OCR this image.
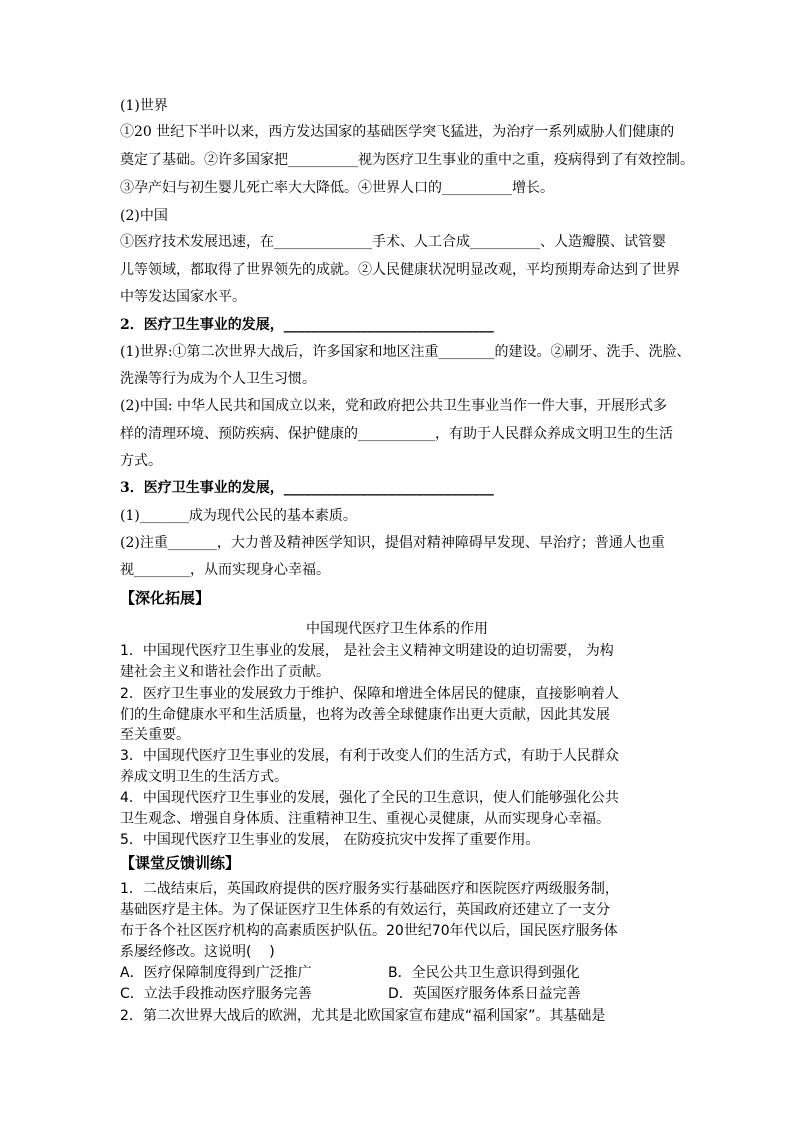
(1)世界
①20 世纪下半叶以来，西方发达国家的基础医学突飞猛进，为治疗一系列威胁人们健康的
奠定了基础。②许多国家把__________视为医疗卫生事业的重中之重，疫病得到了有效控制。
③孕产妇与初生婴儿死亡率大大降低。④世界人口的__________增长。
(2)中国
①医疗技术发展迅速，在______________手术、人工合成__________、人造瓣膜、试管婴
儿等领域，都取得了世界领先的成就。②人民健康状况明显改观，平均预期寿命达到了世界
中等发达国家水平。
2．医疗卫生事业的发展，______________________________
(1)世界:①第二次世界大战后，许多国家和地区注重________的建设。②刷牙、洗手、洗脸、
洗澡等行为成为个人卫生习惯。
(2)中国: 中华人民共和国成立以来，党和政府把公共卫生事业当作一件大事，开展形式多
样的清理环境、预防疾病、保护健康的___________，有助于人民群众养成文明卫生的生活
方式。
3．医疗卫生事业的发展，______________________________
(1)_______成为现代公民的基本素质。
(2)注重_______，大力普及精神医学知识，提倡对精神障碍早发现、早治疗；普通人也重
视________，从而实现身心幸福。
【深化拓展】
中国现代医疗卫生体系的作用
1．中国现代医疗卫生事业的发展， 是社会主义精神文明建设的迫切需要， 为构
建社会主义和谐社会作出了贡献。
2．医疗卫生事业的发展致力于维护、保障和增进全体居民的健康，直接影响着人
们的生命健康水平和生活质量，也将为改善全球健康作出更大贡献，因此其发展
至关重要。
3．中国现代医疗卫生事业的发展，有利于改变人们的生活方式，有助于人民群众
养成文明卫生的生活方式。
4．中国现代医疗卫生事业的发展，强化了全民的卫生意识，使人们能够强化公共
卫生观念、增强自身体质、注重精神卫生、重视心灵健康，从而实现身心幸福。
5．中国现代医疗卫生事业的发展， 在防疫抗灾中发挥了重要作用。
【课堂反馈训练】
1．二战结束后，英国政府提供的医疗服务实行基础医疗和医院医疗两级服务制，
基础医疗是主体。为了保证医疗卫生体系的有效运行，英国政府还建立了一支分
布于各个社区医疗机构的高素质医护队伍。20世纪70年代以后，国民医疗服务体
系屡经修改。这说明(    )
A．医疗保障制度得到广泛推广	B．全民公共卫生意识得到强化
C．立法手段推动医疗服务完善	D．英国医疗服务体系日益完善
2．第二次世界大战后的欧洲，尤其是北欧国家宣布建成“福利国家”。其基础是
